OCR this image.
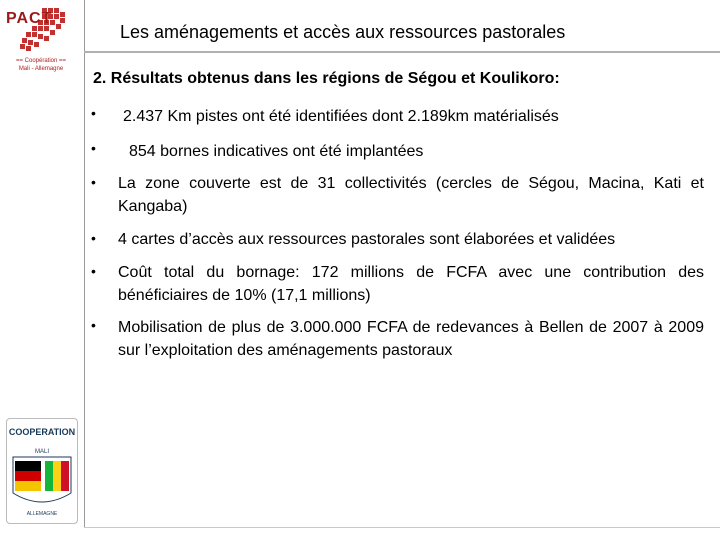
PACT
== Coopération ==
Mali - Allemagne
Les aménagements et accès aux ressources pastorales
2. Résultats obtenus dans les régions de Ségou et Koulikoro:
• 2.437 Km pistes ont été identifiées dont 2.189km matérialisés
• 854 bornes indicatives ont été implantées
• La zone couverte est de 31 collectivités (cercles de Ségou, Macina, Kati et Kangaba)
• 4 cartes d’accès aux ressources pastorales sont élaborées et validées
• Coût total du bornage: 172 millions de FCFA avec une contribution des bénéficiaires de 10% (17,1 millions)
• Mobilisation de plus de 3.000.000 FCFA de redevances à Bellen de 2007 à 2009 sur l’exploitation des aménagements pastoraux
COOPERATION
MALI
ALLEMAGNE
